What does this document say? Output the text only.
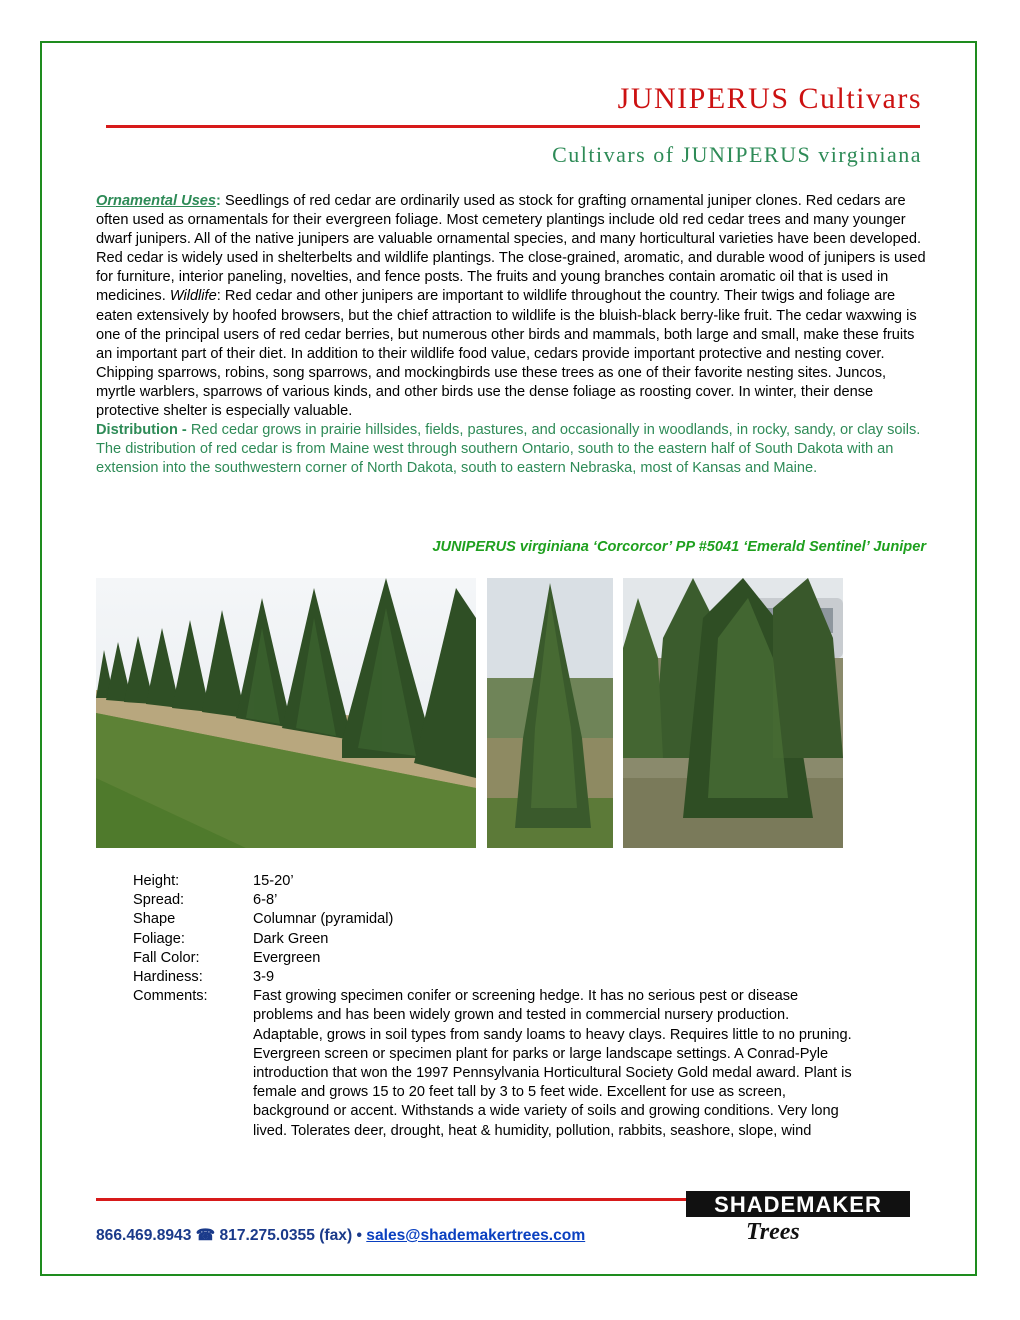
JUNIPERUS Cultivars
Cultivars of JUNIPERUS virginiana
Ornamental Uses: Seedlings of red cedar are ordinarily used as stock for grafting ornamental juniper clones. Red cedars are often used as ornamentals for their evergreen foliage. Most cemetery plantings include old red cedar trees and many younger dwarf junipers. All of the native junipers are valuable ornamental species, and many horticultural varieties have been developed. Red cedar is widely used in shelterbelts and wildlife plantings. The close-grained, aromatic, and durable wood of junipers is used for furniture, interior paneling, novelties, and fence posts. The fruits and young branches contain aromatic oil that is used in medicines. Wildlife: Red cedar and other junipers are important to wildlife throughout the country. Their twigs and foliage are eaten extensively by hoofed browsers, but the chief attraction to wildlife is the bluish-black berry-like fruit. The cedar waxwing is one of the principal users of red cedar berries, but numerous other birds and mammals, both large and small, make these fruits an important part of their diet. In addition to their wildlife food value, cedars provide important protective and nesting cover. Chipping sparrows, robins, song sparrows, and mockingbirds use these trees as one of their favorite nesting sites. Juncos, myrtle warblers, sparrows of various kinds, and other birds use the dense foliage as roosting cover. In winter, their dense protective shelter is especially valuable.
Distribution - Red cedar grows in prairie hillsides, fields, pastures, and occasionally in woodlands, in rocky, sandy, or clay soils. The distribution of red cedar is from Maine west through southern Ontario, south to the eastern half of South Dakota with an extension into the southwestern corner of North Dakota, south to eastern Nebraska, most of Kansas and Maine.
JUNIPERUS virginiana ‘Corcorcor’ PP #5041 ‘Emerald Sentinel’ Juniper
Height:	15-20’
Spread:	6-8’
Shape	Columnar (pyramidal)
Foliage:	Dark Green
Fall Color:	Evergreen
Hardiness:	3-9
Comments:	Fast growing specimen conifer or screening hedge. It has no serious pest or disease problems and has been widely grown and tested in commercial nursery production. Adaptable, grows in soil types from sandy loams to heavy clays. Requires little to no pruning. Evergreen screen or specimen plant for parks or large landscape settings. A Conrad-Pyle introduction that won the 1997 Pennsylvania Horticultural Society Gold medal award. Plant is female and grows 15 to 20 feet tall by 3 to 5 feet wide. Excellent for use as screen, background or accent. Withstands a wide variety of soils and growing conditions. Very long lived. Tolerates deer, drought, heat & humidity, pollution, rabbits, seashore, slope, wind
SHADEMAKER
Trees
866.469.8943 ☎ 817.275.0355 (fax) • sales@shademakertrees.com
